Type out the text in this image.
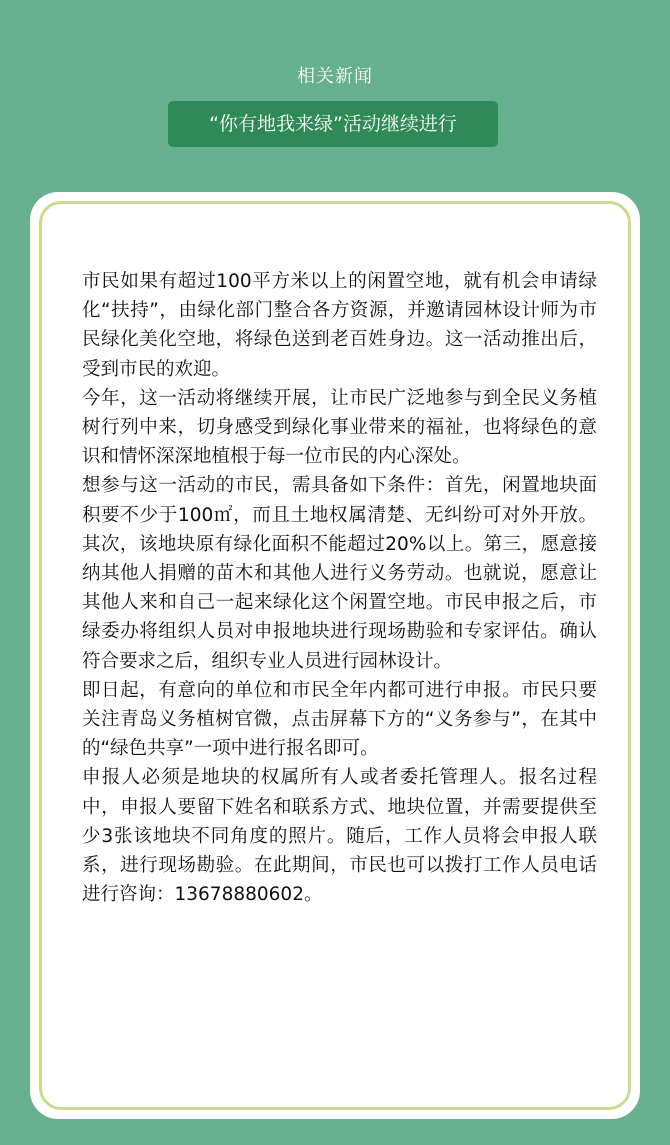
相关新闻
“你有地我来绿”活动继续进行

市民如果有超过100平方米以上的闲置空地，就有机会申请绿化“扶持”，由绿化部门整合各方资源，并邀请园林设计师为市民绿化美化空地，将绿色送到老百姓身边。这一活动推出后，受到市民的欢迎。

今年，这一活动将继续开展，让市民广泛地参与到全民义务植树行列中来，切身感受到绿化事业带来的福祉，也将绿色的意识和情怀深深地植根于每一位市民的内心深处。

想参与这一活动的市民，需具备如下条件：首先，闲置地块面积要不少于100㎡，而且土地权属清楚、无纠纷可对外开放。其次，该地块原有绿化面积不能超过20%以上。第三，愿意接纳其他人捐赠的苗木和其他人进行义务劳动。也就说，愿意让其他人来和自己一起来绿化这个闲置空地。市民申报之后，市绿委办将组织人员对申报地块进行现场勘验和专家评估。确认符合要求之后，组织专业人员进行园林设计。

即日起，有意向的单位和市民全年内都可进行申报。市民只要关注青岛义务植树官微，点击屏幕下方的“义务参与”，在其中的“绿色共享”一项中进行报名即可。

申报人必须是地块的权属所有人或者委托管理人。报名过程中，申报人要留下姓名和联系方式、地块位置，并需要提供至少3张该地块不同角度的照片。随后，工作人员将会申报人联系，进行现场勘验。在此期间，市民也可以拨打工作人员电话进行咨询：13678880602。
